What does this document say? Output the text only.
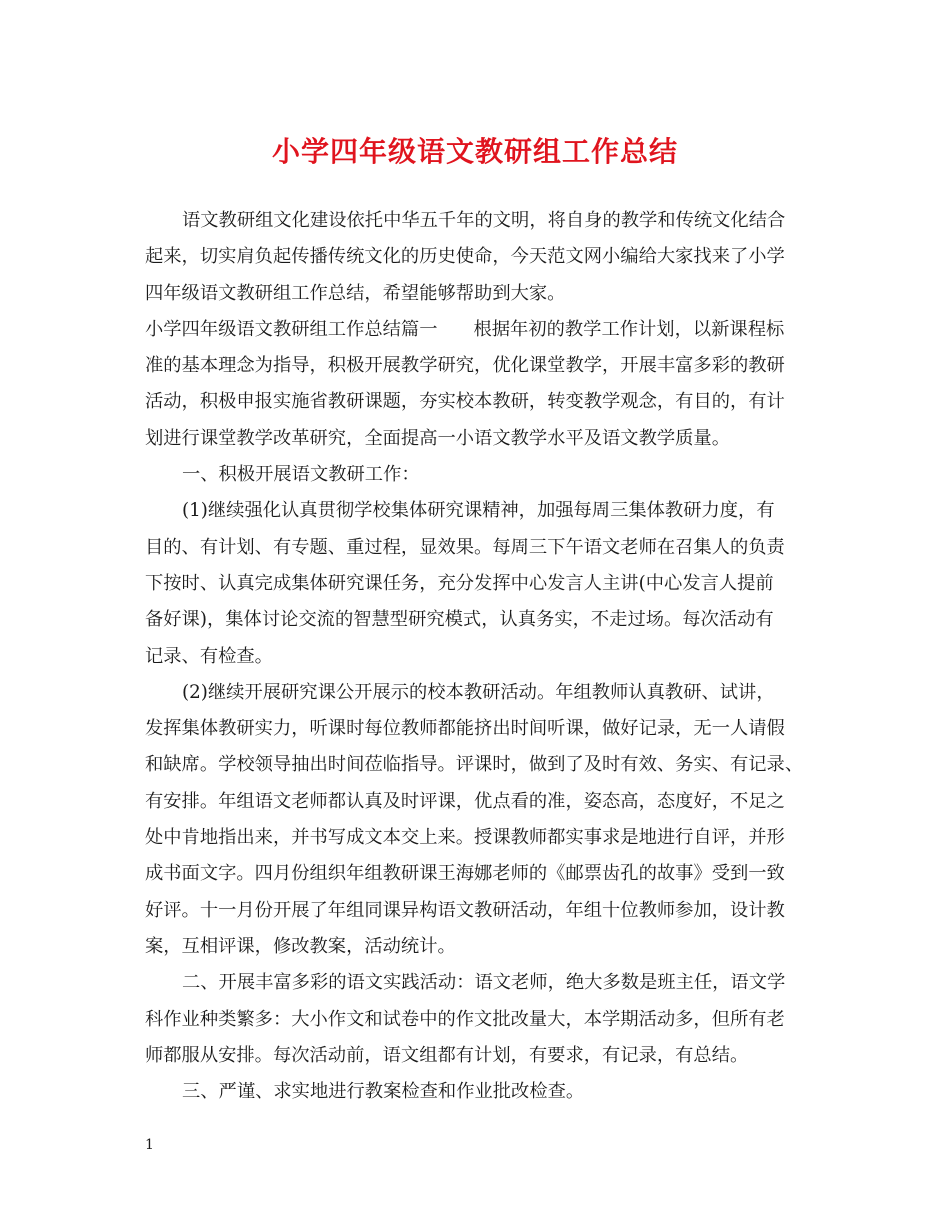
小学四年级语文教研组工作总结
语文教研组文化建设依托中华五千年的文明，将自身的教学和传统文化结合
起来，切实肩负起传播传统文化的历史使命，今天范文网小编给大家找来了小学
四年级语文教研组工作总结，希望能够帮助到大家。
小学四年级语文教研组工作总结篇一 根据年初的教学工作计划，以新课程标
准的基本理念为指导，积极开展教学研究，优化课堂教学，开展丰富多彩的教研
活动，积极申报实施省教研课题，夯实校本教研，转变教学观念，有目的，有计
划进行课堂教学改革研究，全面提高一小语文教学水平及语文教学质量。
一、积极开展语文教研工作：
(1)继续强化认真贯彻学校集体研究课精神，加强每周三集体教研力度，有
目的、有计划、有专题、重过程，显效果。每周三下午语文老师在召集人的负责
下按时、认真完成集体研究课任务，充分发挥中心发言人主讲(中心发言人提前
备好课)，集体讨论交流的智慧型研究模式，认真务实，不走过场。每次活动有
记录、有检查。
(2)继续开展研究课公开展示的校本教研活动。年组教师认真教研、试讲，
发挥集体教研实力，听课时每位教师都能挤出时间听课，做好记录，无一人请假
和缺席。学校领导抽出时间莅临指导。评课时，做到了及时有效、务实、有记录、
有安排。年组语文老师都认真及时评课，优点看的准，姿态高，态度好，不足之
处中肯地指出来，并书写成文本交上来。授课教师都实事求是地进行自评，并形
成书面文字。四月份组织年组教研课王海娜老师的《邮票齿孔的故事》受到一致
好评。十一月份开展了年组同课异构语文教研活动，年组十位教师参加，设计教
案，互相评课，修改教案，活动统计。
二、开展丰富多彩的语文实践活动：语文老师，绝大多数是班主任，语文学
科作业种类繁多：大小作文和试卷中的作文批改量大，本学期活动多，但所有老
师都服从安排。每次活动前，语文组都有计划，有要求，有记录，有总结。
三、严谨、求实地进行教案检查和作业批改检查。
1
